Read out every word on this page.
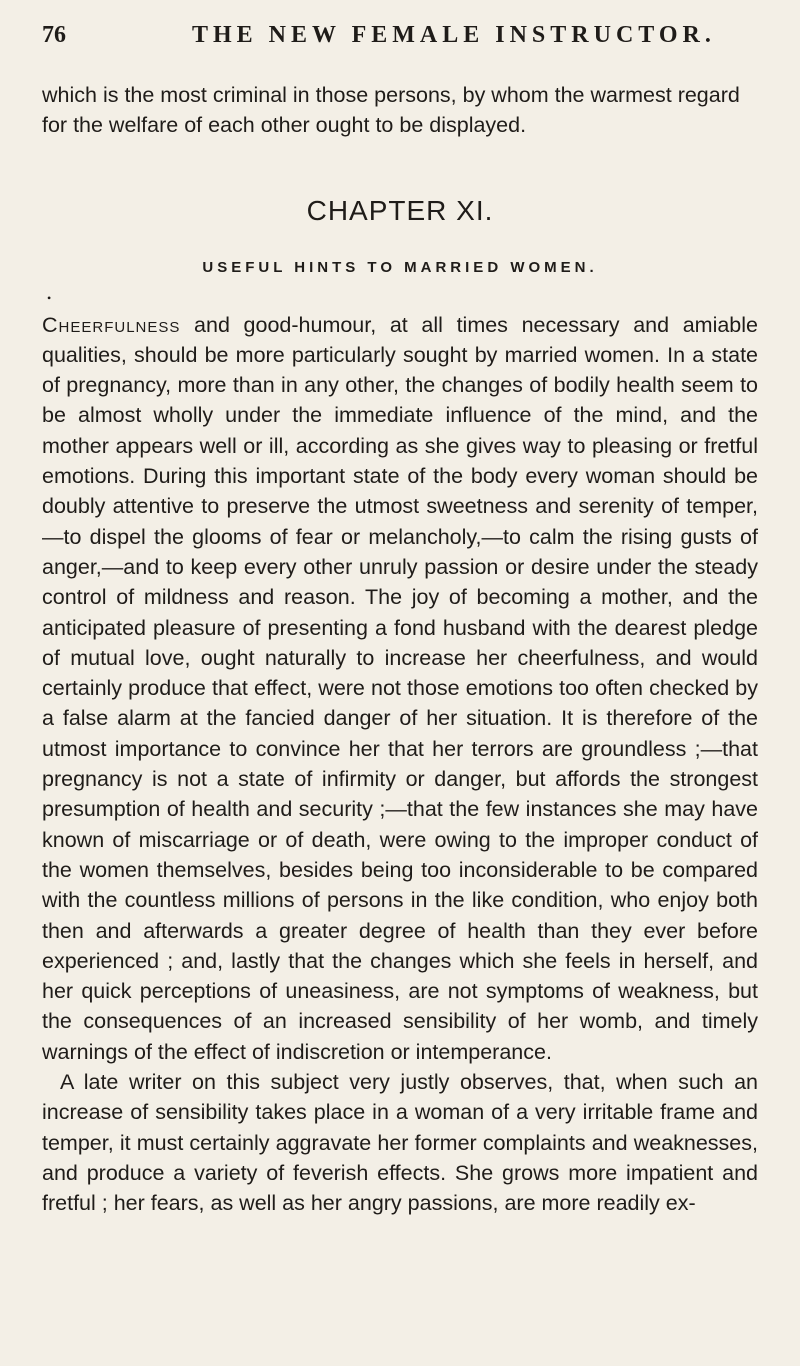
76	THE NEW FEMALE INSTRUCTOR.

which is the most criminal in those persons, by whom the warmest regard for the welfare of each other ought to be displayed.

CHAPTER XI.
USEFUL HINTS TO MARRIED WOMEN.
•

Cheerfulness and good-humour, at all times necessary and amiable qualities, should be more particularly sought by married women. In a state of pregnancy, more than in any other, the changes of bodily health seem to be almost wholly under the immediate influence of the mind, and the mother appears well or ill, according as she gives way to pleasing or fretful emotions. During this important state of the body every woman should be doubly attentive to preserve the utmost sweetness and serenity of temper,—to dispel the glooms of fear or melancholy,—to calm the rising gusts of anger,—and to keep every other unruly passion or desire under the steady control of mildness and reason. The joy of becoming a mother, and the anticipated pleasure of presenting a fond husband with the dearest pledge of mutual love, ought naturally to increase her cheerfulness, and would certainly produce that effect, were not those emotions too often checked by a false alarm at the fancied danger of her situation. It is therefore of the utmost importance to convince her that her terrors are groundless ;—that pregnancy is not a state of infirmity or danger, but affords the strongest presumption of health and security ;—that the few instances she may have known of miscarriage or of death, were owing to the improper conduct of the women themselves, besides being too inconsiderable to be compared with the countless millions of persons in the like condition, who enjoy both then and afterwards a greater degree of health than they ever before experienced ; and, lastly that the changes which she feels in herself, and her quick perceptions of uneasiness, are not symptoms of weakness, but the consequences of an increased sensibility of her womb, and timely warnings of the effect of indiscretion or intemperance.

A late writer on this subject very justly observes, that, when such an increase of sensibility takes place in a woman of a very irritable frame and temper, it must certainly aggravate her former complaints and weaknesses, and produce a variety of feverish effects. She grows more impatient and fretful ; her fears, as well as her angry passions, are more readily ex-
